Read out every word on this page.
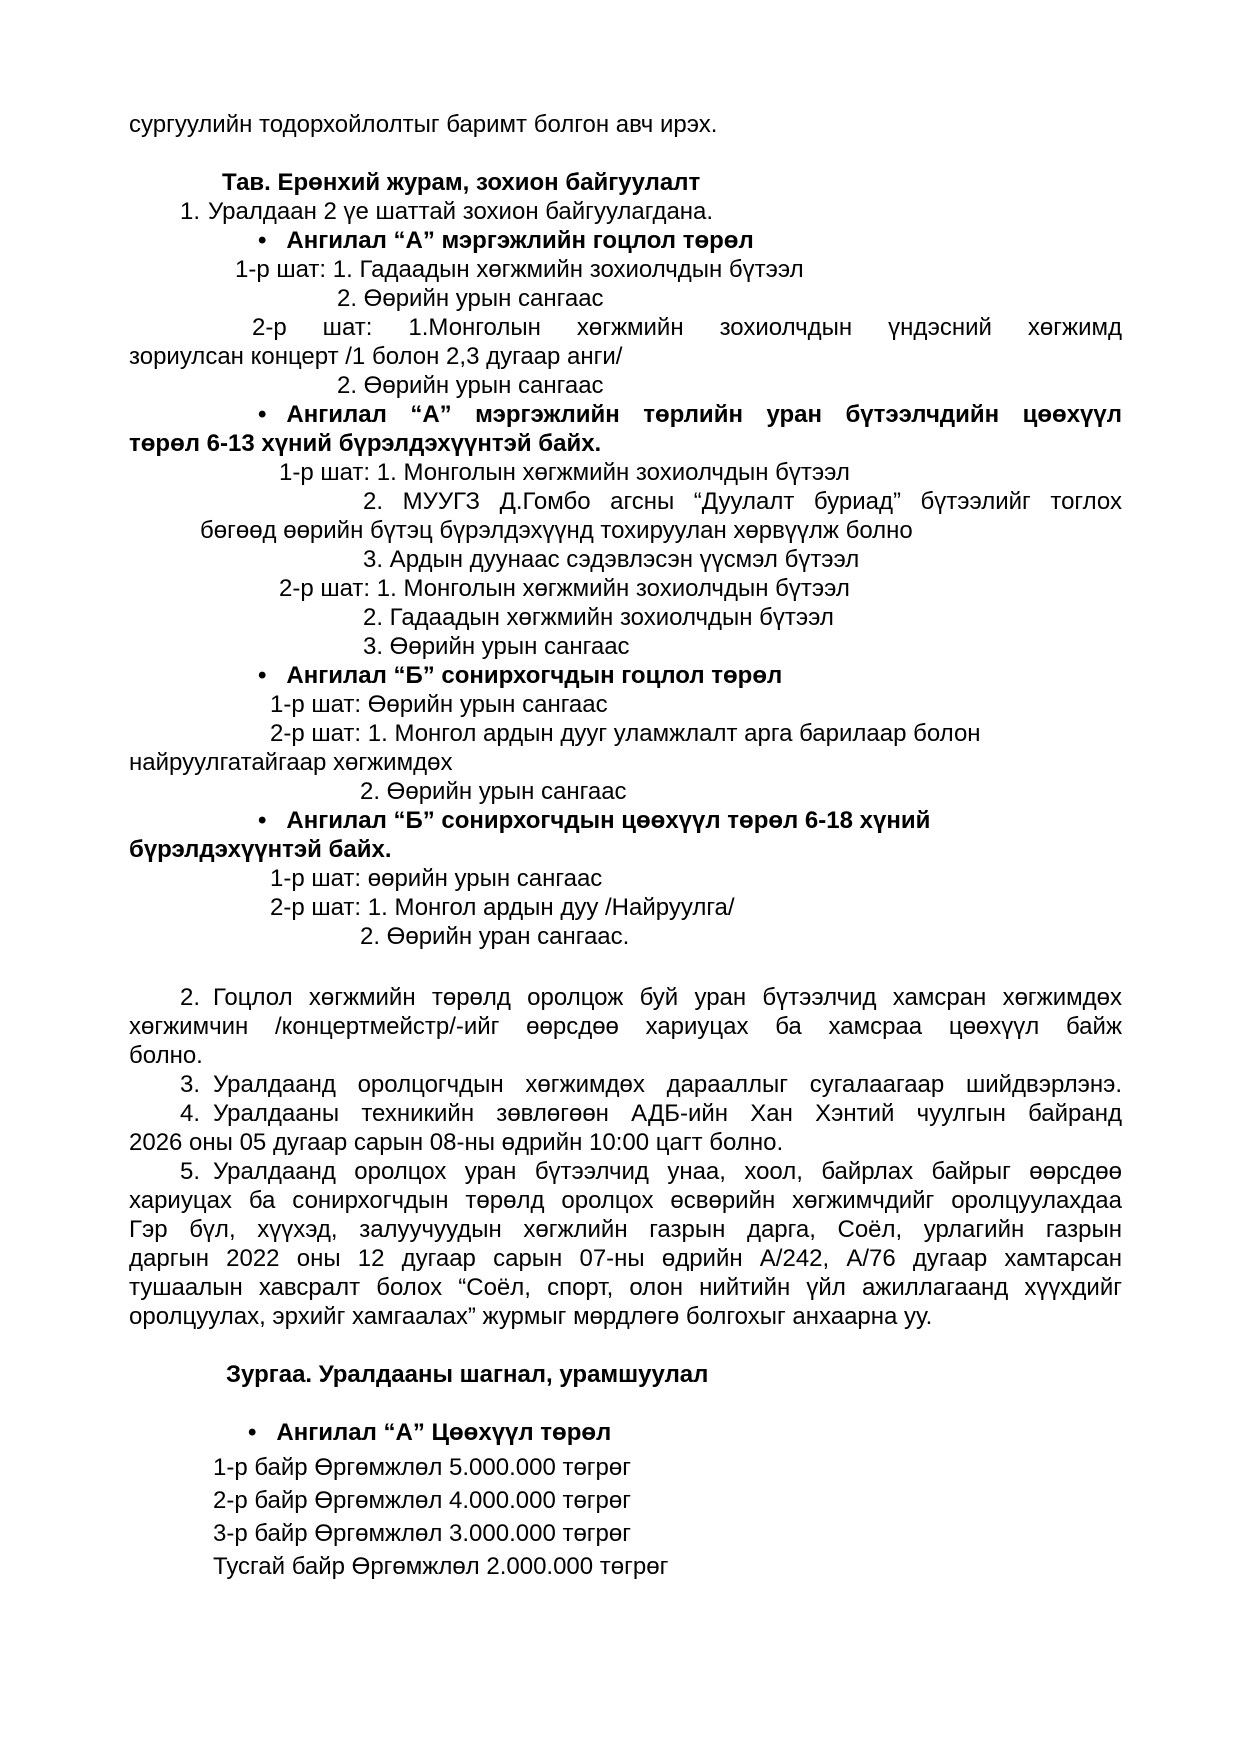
сургуулийн тодорхойлолтыг баримт болгон авч ирэх.
Тав. Ерөнхий журам, зохион байгуулалт
1. Уралдаан 2 үе шаттай зохион байгуулагдана.
• Ангилал “А” мэргэжлийн гоцлол төрөл
1-р шат: 1. Гадаадын хөгжмийн зохиолчдын бүтээл
2. Өөрийн урын сангаас
2-р шат: 1.Монголын хөгжмийн зохиолчдын үндэсний хөгжимд
зориулсан концерт /1 болон 2,3 дугаар анги/
2. Өөрийн урын сангаас
• Ангилал “А” мэргэжлийн төрлийн уран бүтээлчдийн цөөхүүл
төрөл 6-13 хүний бүрэлдэхүүнтэй байх.
1-р шат: 1. Монголын хөгжмийн зохиолчдын бүтээл
2. МУУГЗ Д.Гомбо агсны “Дуулалт буриад” бүтээлийг тоглох
бөгөөд өөрийн бүтэц бүрэлдэхүүнд тохируулан хөрвүүлж болно
3. Ардын дуунаас сэдэвлэсэн үүсмэл бүтээл
2-р шат: 1. Монголын хөгжмийн зохиолчдын бүтээл
2. Гадаадын хөгжмийн зохиолчдын бүтээл
3. Өөрийн урын сангаас
• Ангилал “Б” сонирхогчдын гоцлол төрөл
1-р шат: Өөрийн урын сангаас
2-р шат: 1. Монгол ардын дууг уламжлалт арга барилаар болон
найруулгатайгаар хөгжимдөх
2. Өөрийн урын сангаас
• Ангилал “Б” сонирхогчдын цөөхүүл төрөл 6-18 хүний
бүрэлдэхүүнтэй байх.
1-р шат: өөрийн урын сангаас
2-р шат: 1. Монгол ардын дуу /Найруулга/
2. Өөрийн уран сангаас.
2. Гоцлол хөгжмийн төрөлд оролцож буй уран бүтээлчид хамсран хөгжимдөх
хөгжимчин /концертмейстр/-ийг өөрсдөө хариуцах ба хамсраа цөөхүүл байж
болно.
3. Уралдаанд оролцогчдын хөгжимдөх дарааллыг сугалаагаар шийдвэрлэнэ.
4. Уралдааны техникийн зөвлөгөөн АДБ-ийн Хан Хэнтий чуулгын байранд
2026 оны 05 дугаар сарын 08-ны өдрийн 10:00 цагт болно.
5. Уралдаанд оролцох уран бүтээлчид унаа, хоол, байрлах байрыг өөрсдөө
хариуцах ба сонирхогчдын төрөлд оролцох өсвөрийн хөгжимчдийг оролцуулахдаа
Гэр бүл, хүүхэд, залуучуудын хөгжлийн газрын дарга, Соёл, урлагийн газрын
даргын 2022 оны 12 дугаар сарын 07-ны өдрийн А/242, А/76 дугаар хамтарсан
тушаалын хавсралт болох “Соёл, спорт, олон нийтийн үйл ажиллагаанд хүүхдийг
оролцуулах, эрхийг хамгаалах” журмыг мөрдлөгө болгохыг анхаарна уу.
Зургаа. Уралдааны шагнал, урамшуулал
• Ангилал “А” Цөөхүүл төрөл
1-р байр Өргөмжлөл 5.000.000 төгрөг
2-р байр Өргөмжлөл 4.000.000 төгрөг
3-р байр Өргөмжлөл 3.000.000 төгрөг
Тусгай байр Өргөмжлөл 2.000.000 төгрөг
